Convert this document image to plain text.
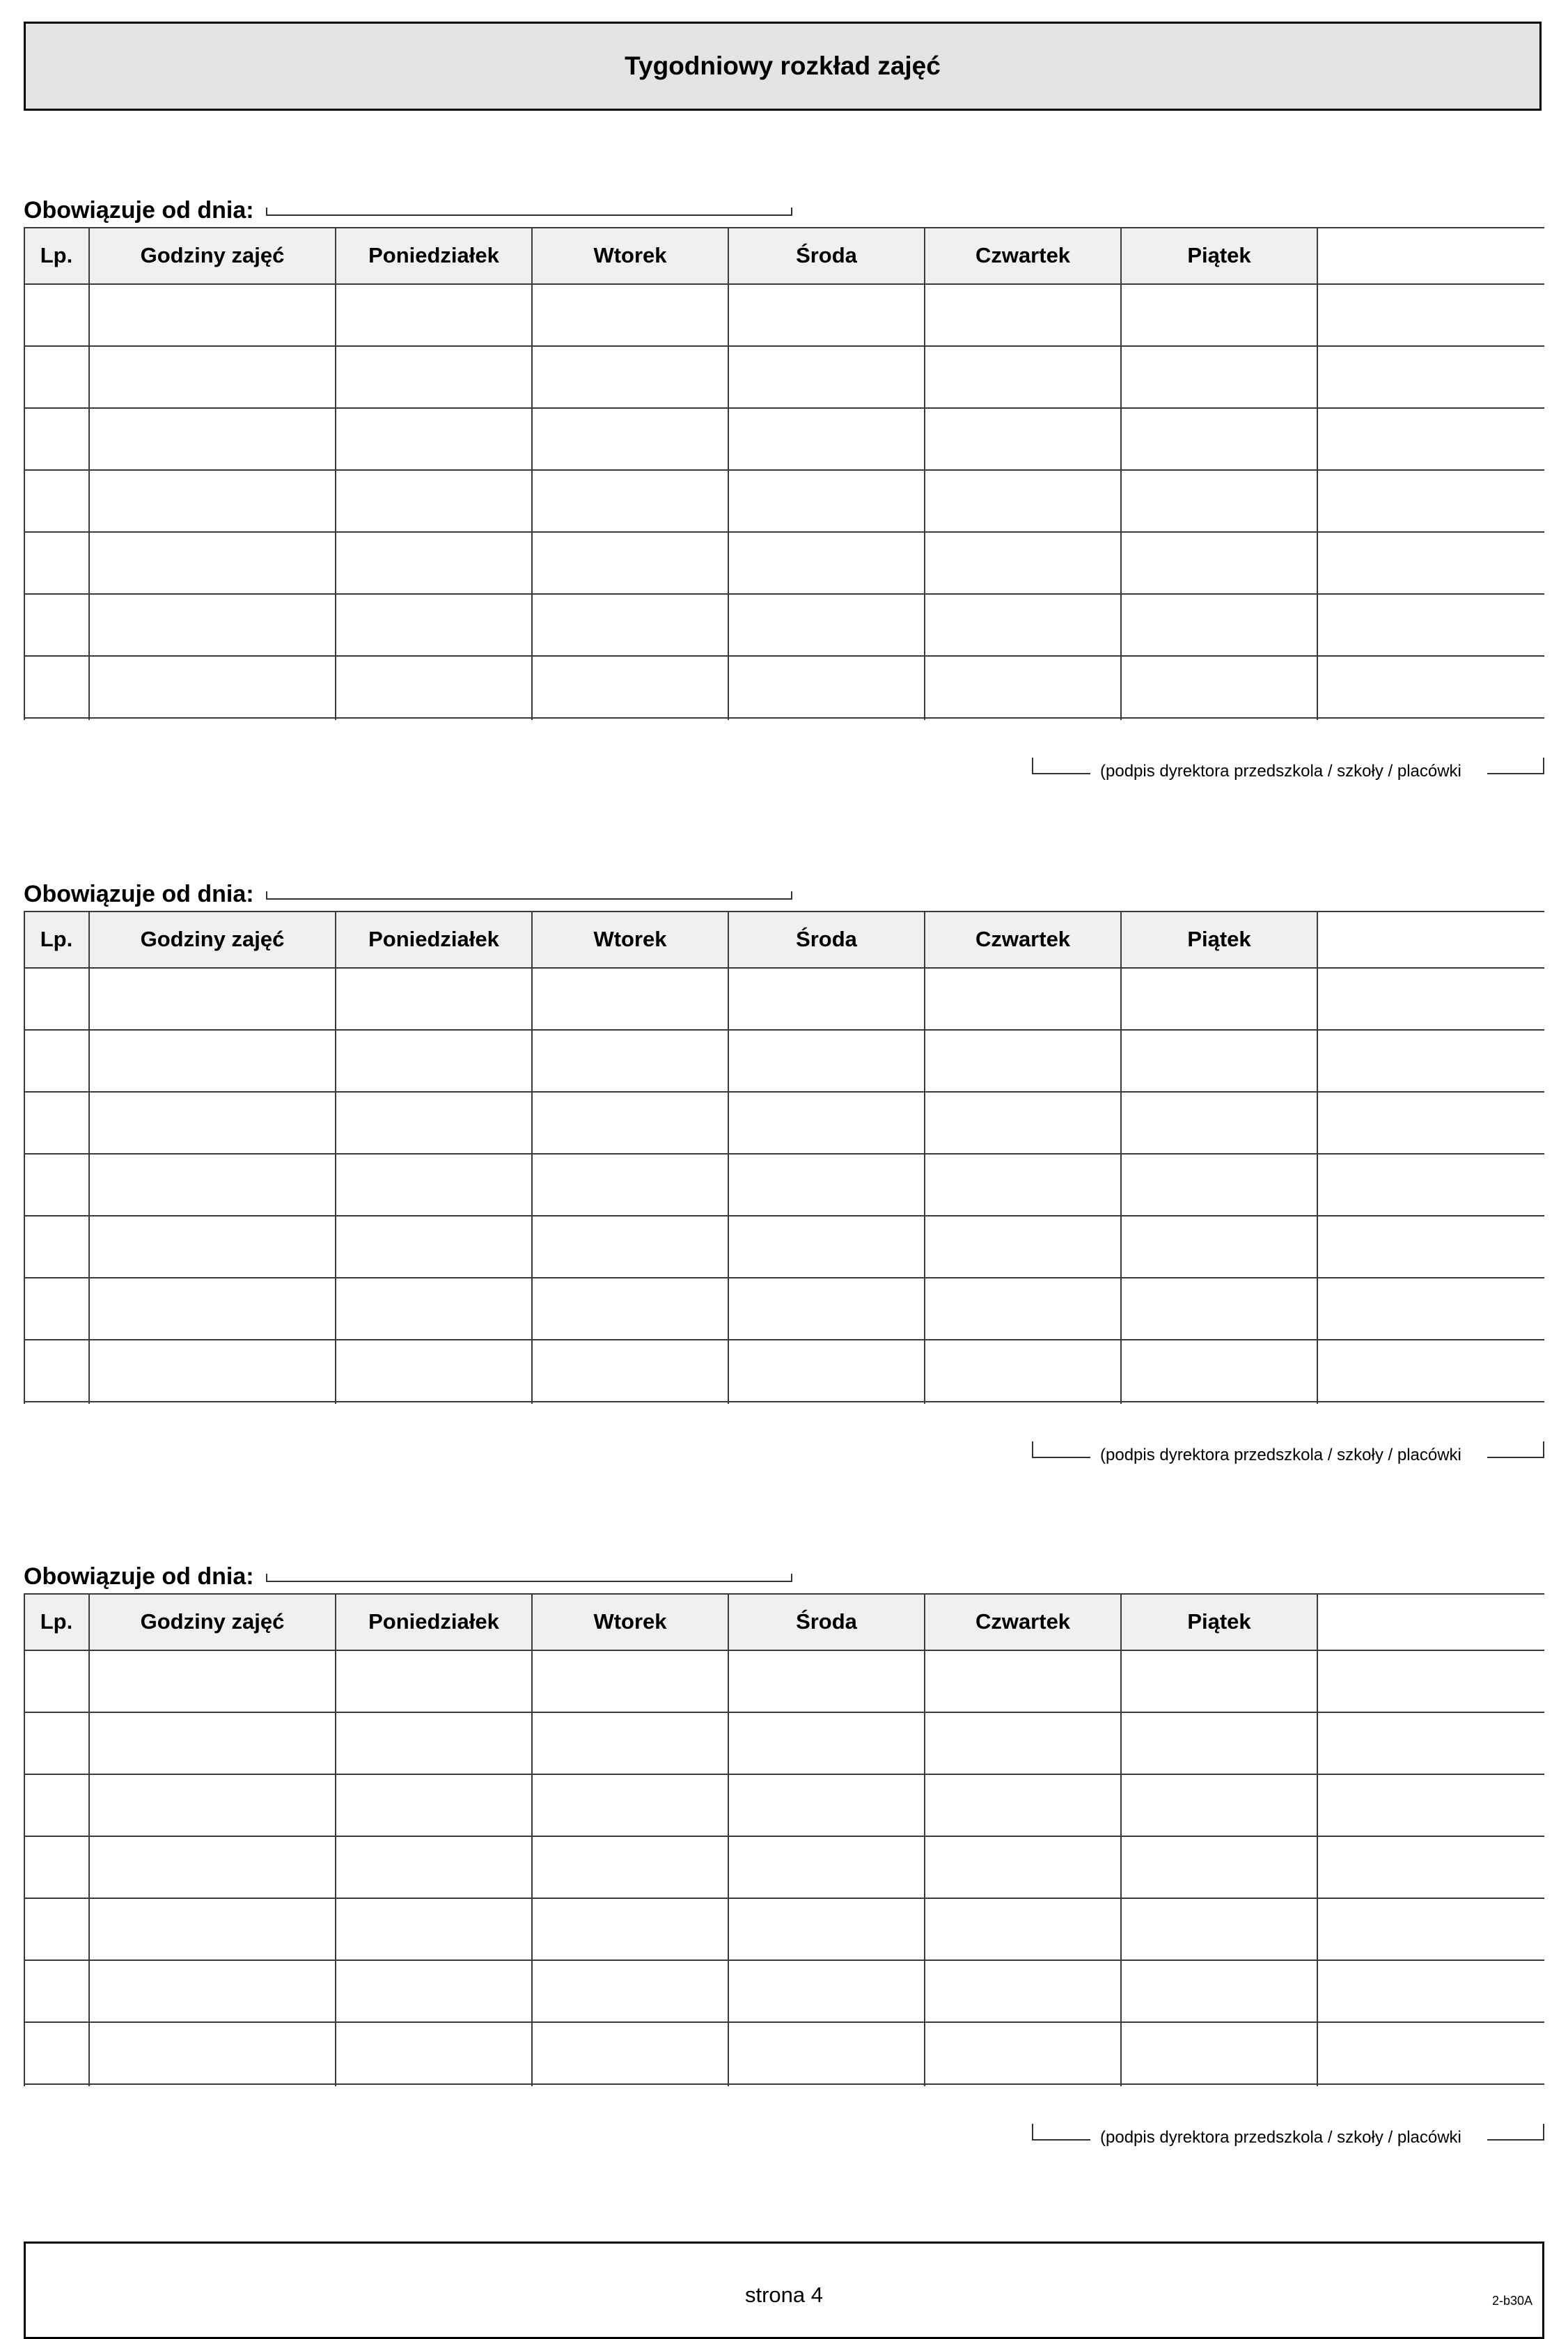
Tygodniowy rozkład zajęć
Obowiązuje od dnia:
Lp.	Godziny zajęć	Poniedziałek	Wtorek	Środa	Czwartek	Piątek
(podpis dyrektora przedszkola / szkoły / placówki
Obowiązuje od dnia:
Lp.	Godziny zajęć	Poniedziałek	Wtorek	Środa	Czwartek	Piątek
(podpis dyrektora przedszkola / szkoły / placówki
Obowiązuje od dnia:
Lp.	Godziny zajęć	Poniedziałek	Wtorek	Środa	Czwartek	Piątek
(podpis dyrektora przedszkola / szkoły / placówki
strona 4	2-b30A
